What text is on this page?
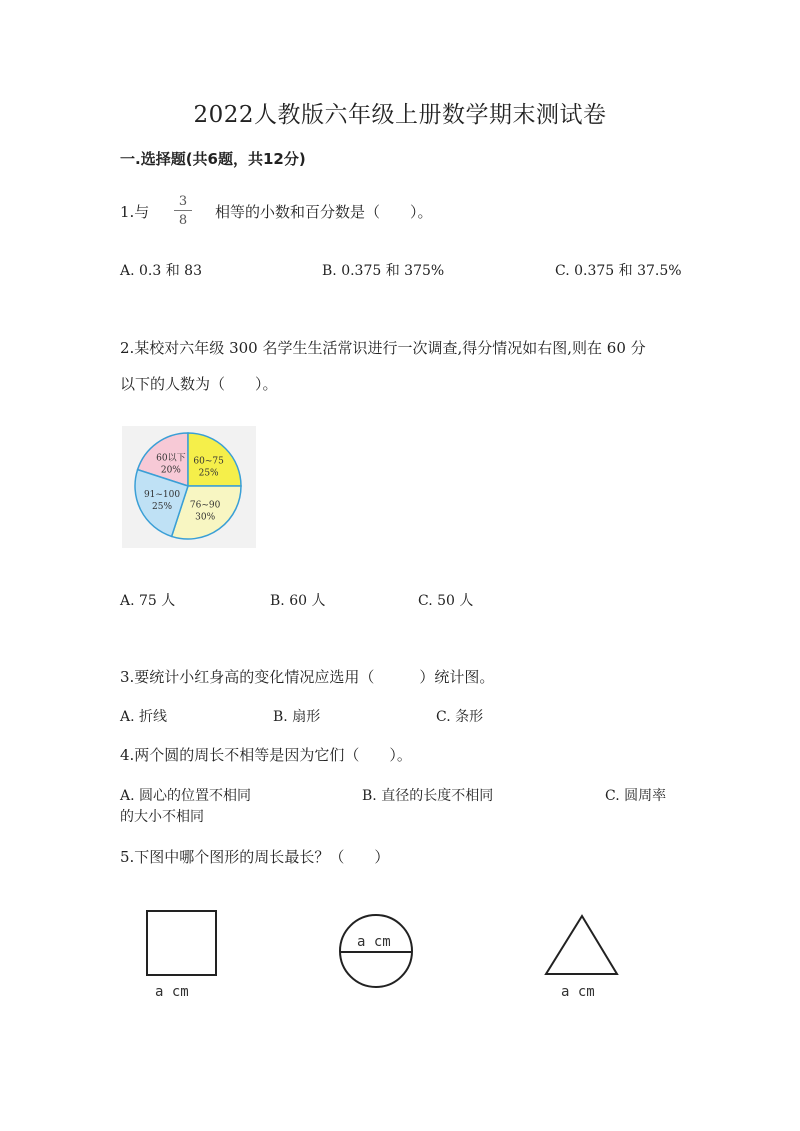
2022人教版六年级上册数学期末测试卷
一.选择题(共6题，共12分)
1.与
3
8	相等的小数和百分数是（　　）。
A. 0.3 和 83	B. 0.375 和 375%	C. 0.375 和 37.5%
2.某校对六年级 300 名学生生活常识进行一次调查,得分情况如右图,则在 60 分
以下的人数为（　　）。
60以下
20%
60~75
25%
76~90
30%
91~100
25%
A. 75 人	B. 60 人	C. 50 人
3.要统计小红身高的变化情况应选用（　　　）统计图。
A. 折线	B. 扇形	C. 条形
4.两个圆的周长不相等是因为它们（　　）。
A. 圆心的位置不相同	B. 直径的长度不相同	C. 圆周率
的大小不相同
5.下图中哪个图形的周长最长？（　　）
a cm
a cm
a cm
